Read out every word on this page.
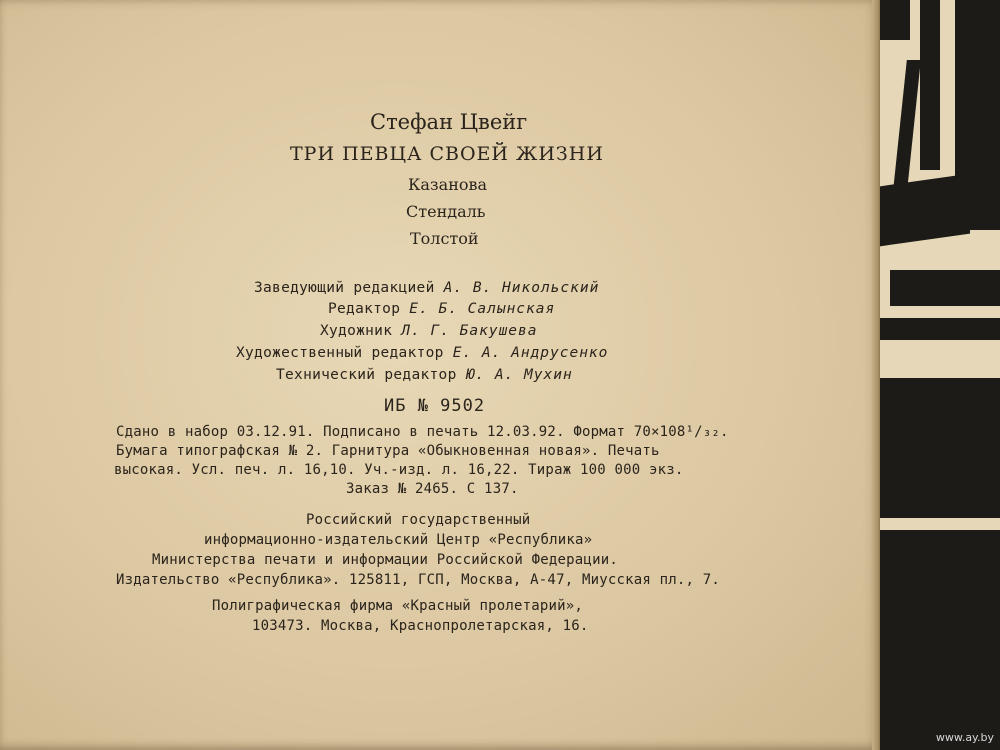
Стефан Цвейг
ТРИ ПЕВЦА СВОЕЙ ЖИЗНИ
Казанова
Стендаль
Толстой
Заведующий редакцией А. В. Никольский
Редактор Е. Б. Салынская
Художник Л. Г. Бакушева
Художественный редактор Е. А. Андрусенко
Технический редактор Ю. А. Мухин
ИБ № 9502
Сдано в набор 03.12.91. Подписано в печать 12.03.92. Формат 70×108¹/₃₂.
Бумага типографская № 2. Гарнитура «Обыкновенная новая». Печать
высокая. Усл. печ. л. 16,10. Уч.-изд. л. 16,22. Тираж 100 000 экз.
Заказ № 2465. С 137.
Российский государственный
информационно-издательский Центр «Республика»
Министерства печати и информации Российской Федерации.
Издательство «Республика». 125811, ГСП, Москва, А-47, Миусская пл., 7.
Полиграфическая фирма «Красный пролетарий»,
103473. Москва, Краснопролетарская, 16.
www.ay.by
